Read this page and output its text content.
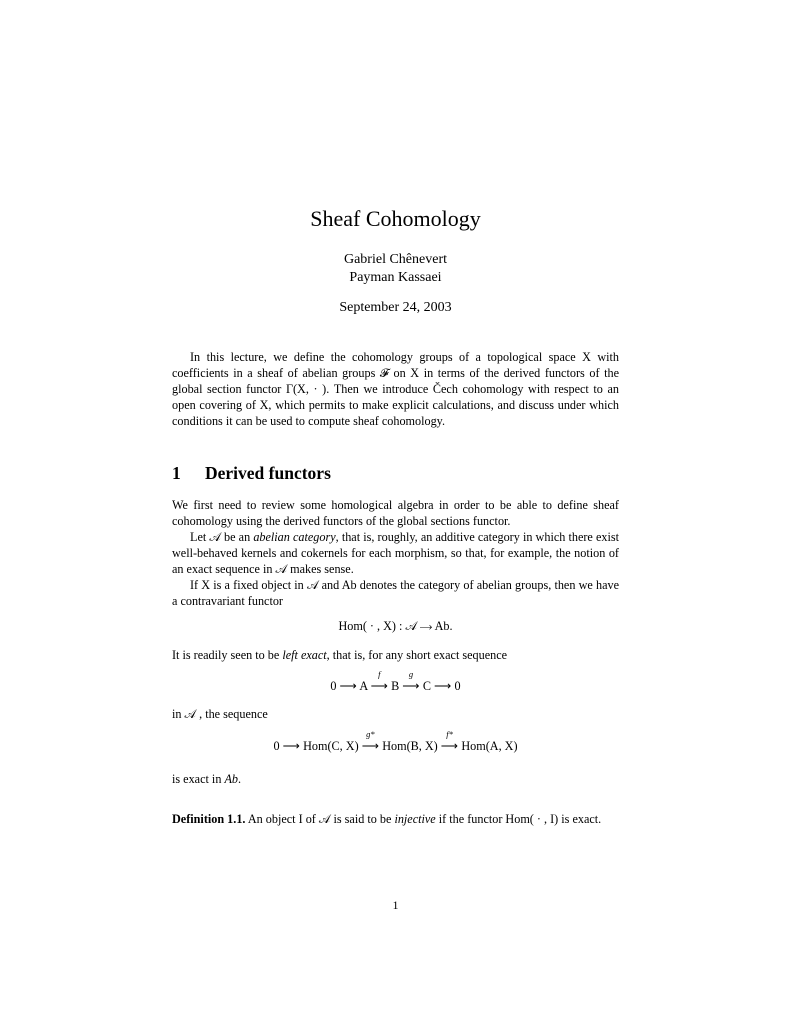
Sheaf Cohomology
Gabriel Chênevert
Payman Kassaei
September 24, 2003

In this lecture, we define the cohomology groups of a topological space X with coefficients in a sheaf of abelian groups 𝓕 on X in terms of the derived functors of the global section functor Γ(X, · ). Then we introduce Čech cohomology with respect to an open covering of X, which permits to make explicit calculations, and discuss under which conditions it can be used to compute sheaf cohomology.

1 Derived functors

We first need to review some homological algebra in order to be able to define sheaf cohomology using the derived functors of the global sections functor.

Let 𝒜 be an abelian category, that is, roughly, an additive category in which there exist well-behaved kernels and cokernels for each morphism, so that, for example, the notion of an exact sequence in 𝒜 makes sense.

If X is a fixed object in 𝒜 and Ab denotes the category of abelian groups, then we have a contravariant functor

Hom( · , X) : 𝒜 ⟶ Ab.

It is readily seen to be left exact, that is, for any short exact sequence

0 ⟶ A
f
⟶ B
g
⟶ C ⟶ 0
in 𝒜 , the sequence
0 ⟶ Hom(C, X)
g*
⟶ Hom(B, X)
f*
⟶ Hom(A, X)

is exact in Ab.

Definition 1.1. An object I of 𝒜 is said to be injective if the functor Hom( · , I) is exact.

1
